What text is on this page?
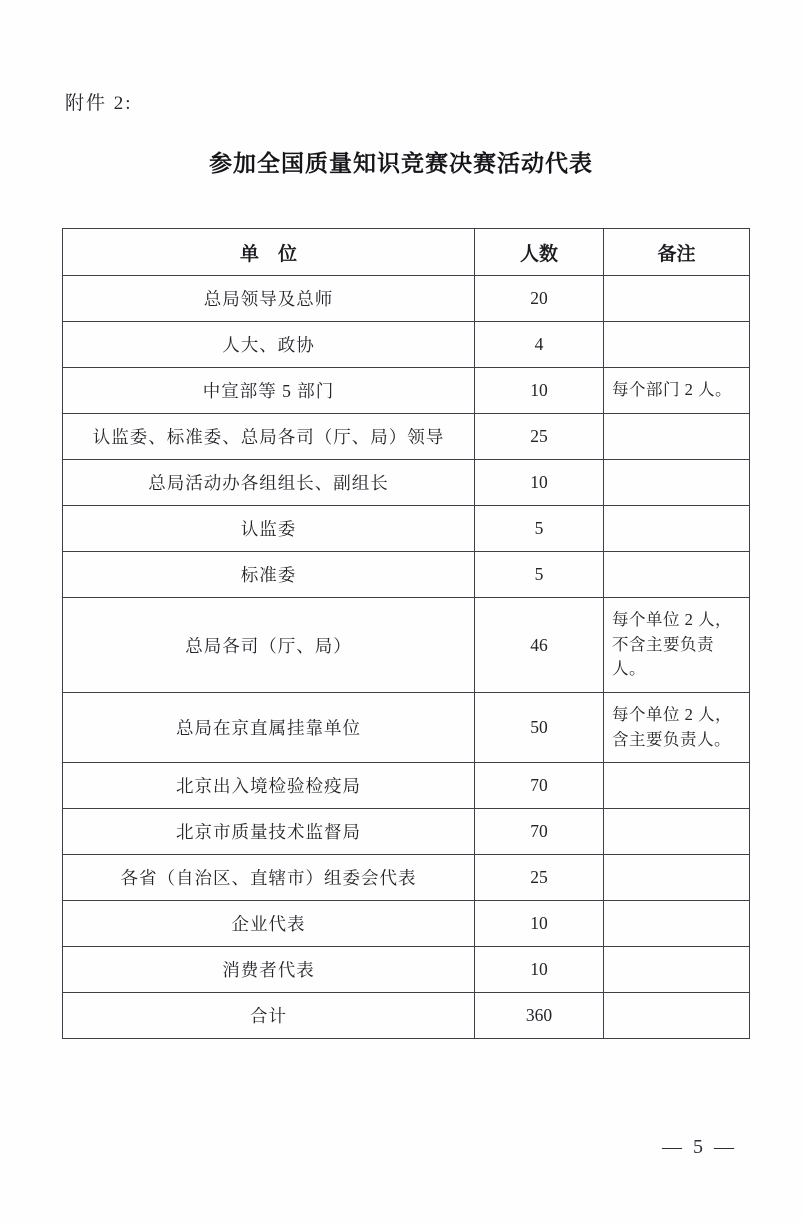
附件 2:
参加全国质量知识竞赛决赛活动代表
单　位	人数	备注
总局领导及总师	20	
人大、政协	4	
中宣部等 5 部门	10	每个部门 2 人。
认监委、标准委、总局各司（厅、局）领导	25	
总局活动办各组组长、副组长	10	
认监委	5	
标准委	5	
总局各司（厅、局）	46	每个单位 2 人，不含主要负责人。
总局在京直属挂靠单位	50	每个单位 2 人，含主要负责人。
北京出入境检验检疫局	70	
北京市质量技术监督局	70	
各省（自治区、直辖市）组委会代表	25	
企业代表	10	
消费者代表	10	
合计	360	
— 5 —
